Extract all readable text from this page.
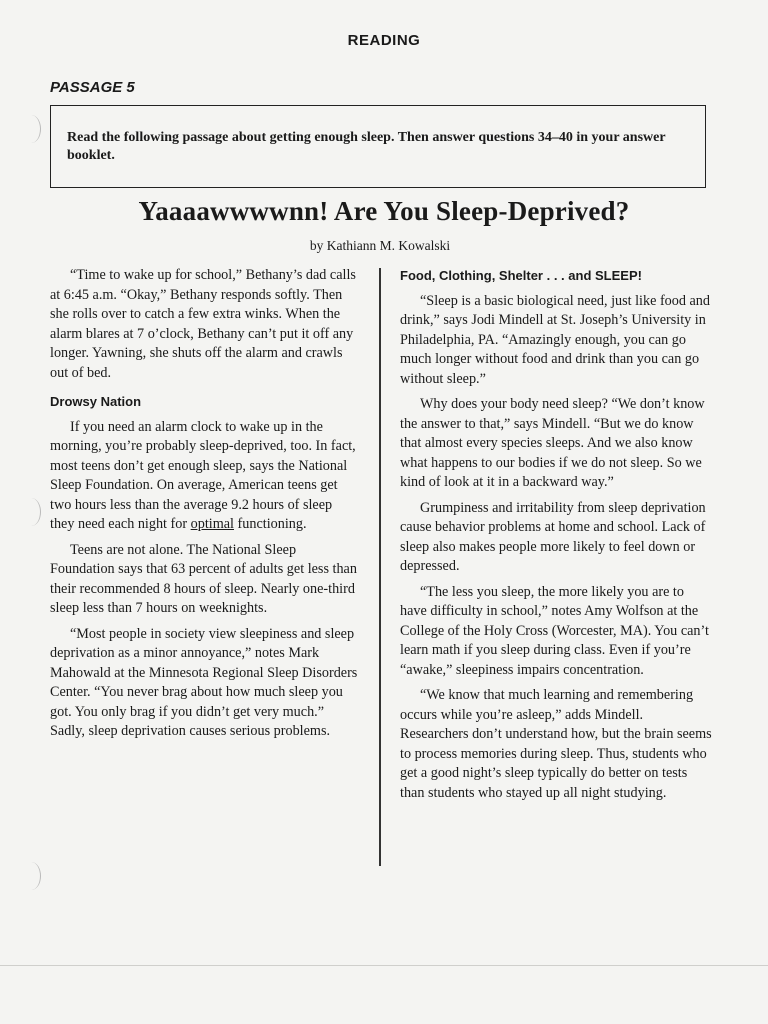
READING
PASSAGE 5
Read the following passage about getting enough sleep. Then answer questions 34–40 in your answer booklet.
Yaaaawwwwnn! Are You Sleep-Deprived?
by Kathiann M. Kowalski

“Time to wake up for school,” Bethany’s dad calls at 6:45 a.m. “Okay,” Bethany responds softly. Then she rolls over to catch a few extra winks. When the alarm blares at 7 o’clock, Bethany can’t put it off any longer. Yawning, she shuts off the alarm and crawls out of bed.

Drowsy Nation

If you need an alarm clock to wake up in the morning, you’re probably sleep-deprived, too. In fact, most teens don’t get enough sleep, says the National Sleep Foundation. On average, American teens get two hours less than the average 9.2 hours of sleep they need each night for optimal functioning.

Teens are not alone. The National Sleep Foundation says that 63 percent of adults get less than their recommended 8 hours of sleep. Nearly one-third sleep less than 7 hours on weeknights.

“Most people in society view sleepiness and sleep deprivation as a minor annoyance,” notes Mark Mahowald at the Minnesota Regional Sleep Disorders Center. “You never brag about how much sleep you got. You only brag if you didn’t get very much.” Sadly, sleep deprivation causes serious problems.

Food, Clothing, Shelter . . . and SLEEP!

“Sleep is a basic biological need, just like food and drink,” says Jodi Mindell at St. Joseph’s University in Philadelphia, PA. “Amazingly enough, you can go much longer without food and drink than you can go without sleep.”

Why does your body need sleep? “We don’t know the answer to that,” says Mindell. “But we do know that almost every species sleeps. And we also know what happens to our bodies if we do not sleep. So we kind of look at it in a backward way.”

Grumpiness and irritability from sleep deprivation cause behavior problems at home and school. Lack of sleep also makes people more likely to feel down or depressed.

“The less you sleep, the more likely you are to have difficulty in school,” notes Amy Wolfson at the College of the Holy Cross (Worcester, MA). You can’t learn math if you sleep during class. Even if you’re “awake,” sleepiness impairs concentration.

“We know that much learning and remembering occurs while you’re asleep,” adds Mindell. Researchers don’t understand how, but the brain seems to process memories during sleep. Thus, students who get a good night’s sleep typically do better on tests than students who stayed up all night studying.
